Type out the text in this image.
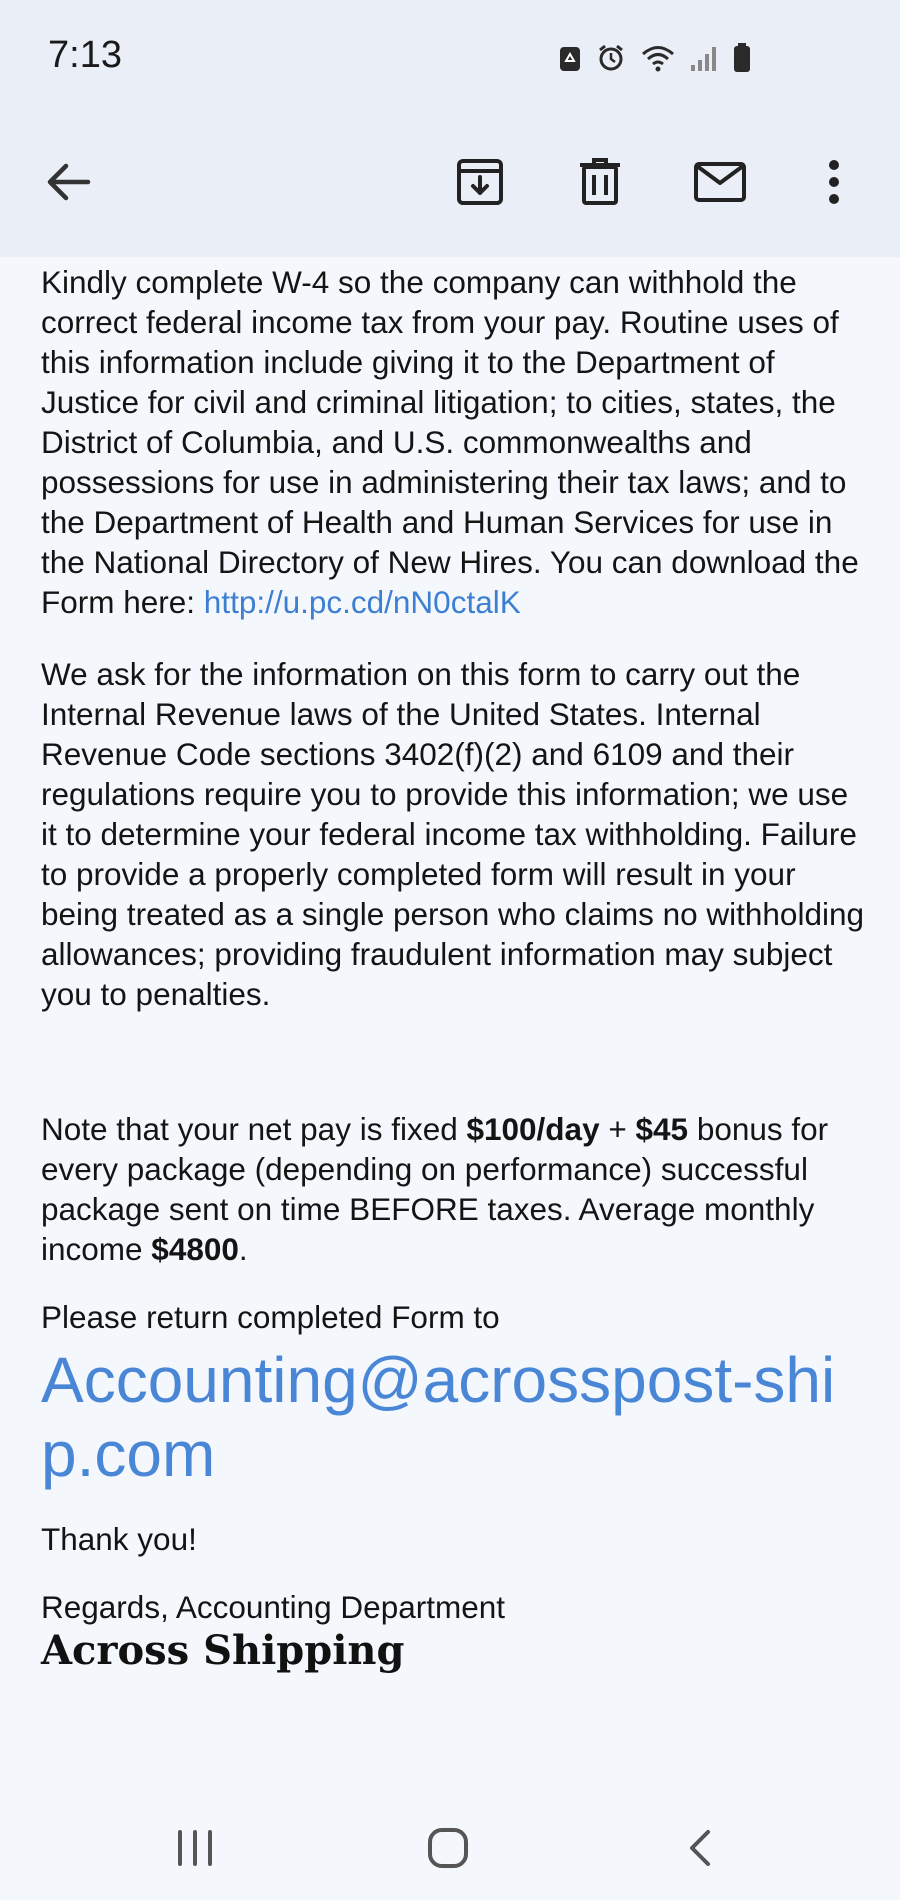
7:13

Kindly complete W-4 so the company can withhold the correct federal income tax from your pay. Routine uses of this information include giving it to the Department of Justice for civil and criminal litigation; to cities, states, the District of Columbia, and U.S. commonwealths and possessions for use in administering their tax laws; and to the Department of Health and Human Services for use in the National Directory of New Hires. You can download the Form here: http://u.pc.cd/nN0ctalK

We ask for the information on this form to carry out the Internal Revenue laws of the United States. Internal Revenue Code sections 3402(f)(2) and 6109 and their regulations require you to provide this information; we use it to determine your federal income tax withholding. Failure to provide a properly completed form will result in your being treated as a single person who claims no withholding allowances; providing fraudulent information may subject you to penalties.

Note that your net pay is fixed $100/day + $45 bonus for every package (depending on performance) successful package sent on time BEFORE taxes. Average monthly income $4800.

Please return completed Form to

Accounting@acrosspost-ship.com

Thank you!

Regards, Accounting Department

Across Shipping
